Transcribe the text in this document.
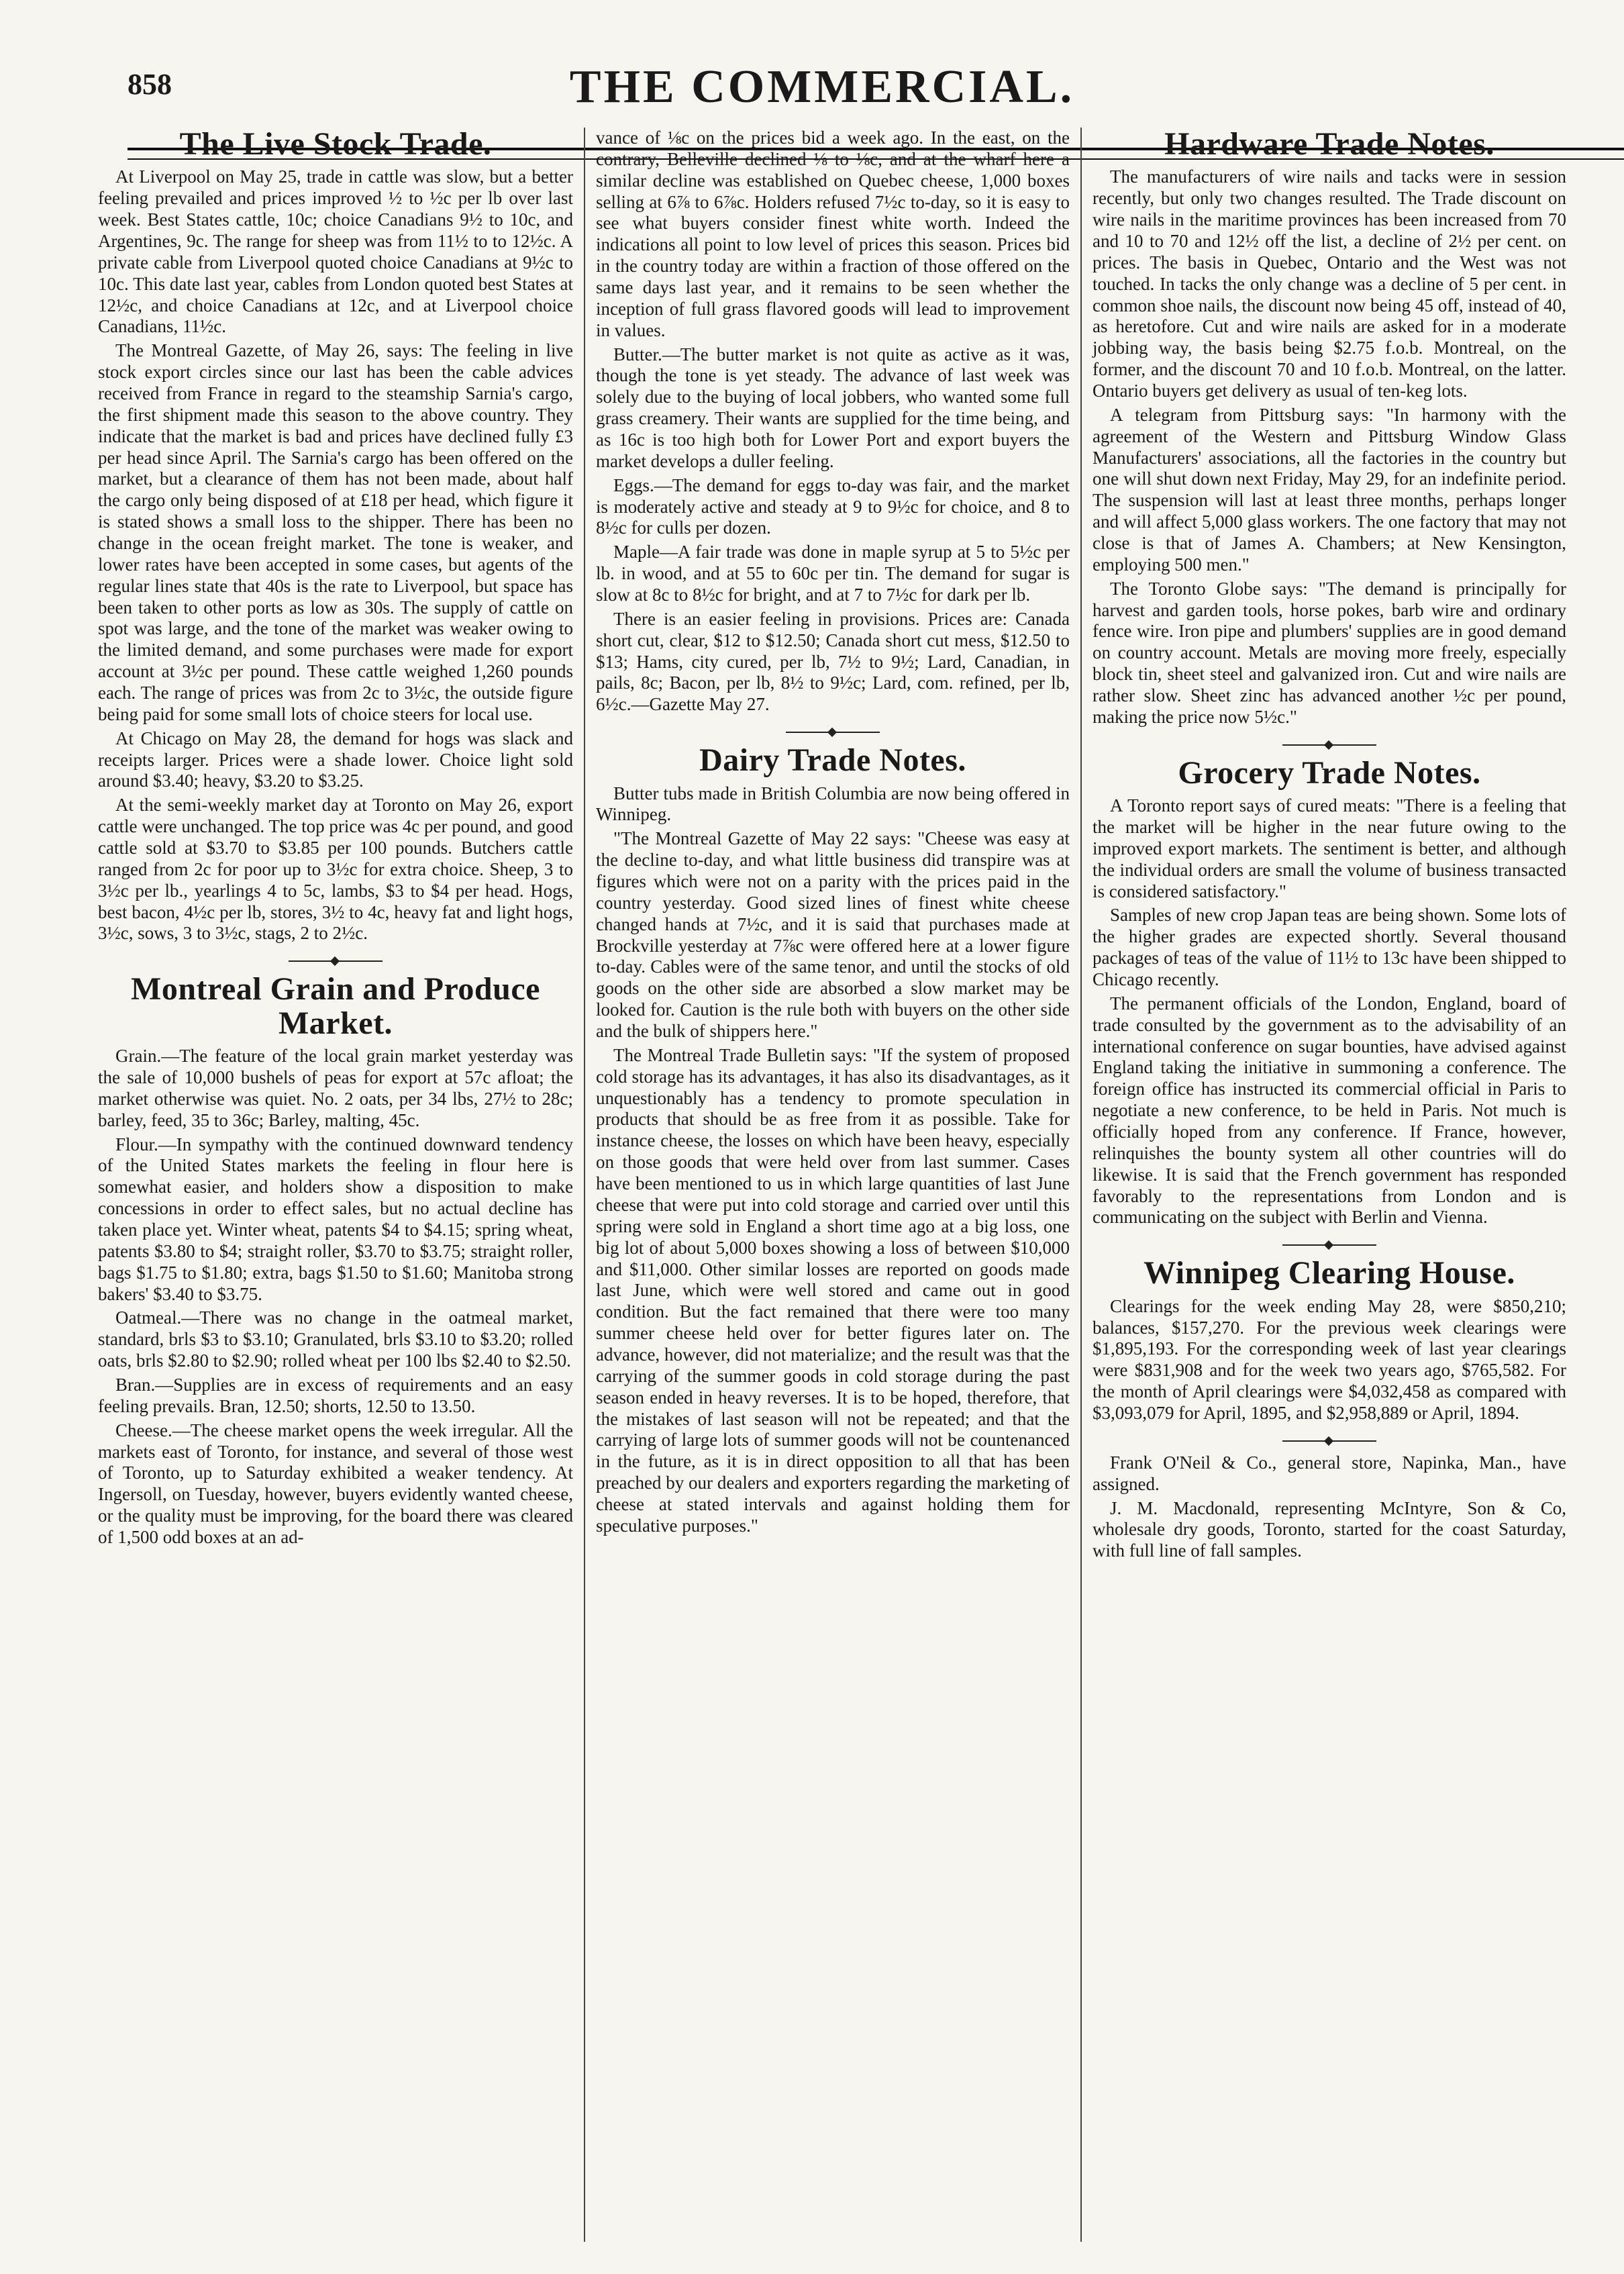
858	THE COMMERCIAL.
The Live Stock Trade.

At Liverpool on May 25, trade in cattle was slow, but a better feeling prevailed and prices improved ½ to ½c per lb over last week. Best States cattle, 10c; choice Canadians 9½ to 10c, and Argentines, 9c. The range for sheep was from 11½ to to 12½c. A private cable from Liverpool quoted choice Canadians at 9½c to 10c. This date last year, cables from London quoted best States at 12½c, and choice Canadians at 12c, and at Liverpool choice Canadians, 11½c.

The Montreal Gazette, of May 26, says: The feeling in live stock export circles since our last has been the cable advices received from France in regard to the steamship Sarnia's cargo, the first shipment made this season to the above country. They indicate that the market is bad and prices have declined fully £3 per head since April. The Sarnia's cargo has been offered on the market, but a clearance of them has not been made, about half the cargo only being disposed of at £18 per head, which figure it is stated shows a small loss to the shipper. There has been no change in the ocean freight market. The tone is weaker, and lower rates have been accepted in some cases, but agents of the regular lines state that 40s is the rate to Liverpool, but space has been taken to other ports as low as 30s. The supply of cattle on spot was large, and the tone of the market was weaker owing to the limited demand, and some purchases were made for export account at 3½c per pound. These cattle weighed 1,260 pounds each. The range of prices was from 2c to 3½c, the outside figure being paid for some small lots of choice steers for local use.

At Chicago on May 28, the demand for hogs was slack and receipts larger. Prices were a shade lower. Choice light sold around $3.40; heavy, $3.20 to $3.25.

At the semi-weekly market day at Toronto on May 26, export cattle were unchanged. The top price was 4c per pound, and good cattle sold at $3.70 to $3.85 per 100 pounds. Butchers cattle ranged from 2c for poor up to 3½c for extra choice. Sheep, 3 to 3½c per lb., yearlings 4 to 5c, lambs, $3 to $4 per head. Hogs, best bacon, 4½c per lb, stores, 3½ to 4c, heavy fat and light hogs, 3½c, sows, 3 to 3½c, stags, 2 to 2½c.

Montreal Grain and Produce Market.

Grain.—The feature of the local grain market yesterday was the sale of 10,000 bushels of peas for export at 57c afloat; the market otherwise was quiet. No. 2 oats, per 34 lbs, 27½ to 28c; barley, feed, 35 to 36c; Barley, malting, 45c.

Flour.—In sympathy with the continued downward tendency of the United States markets the feeling in flour here is somewhat easier, and holders show a disposition to make concessions in order to effect sales, but no actual decline has taken place yet. Winter wheat, patents $4 to $4.15; spring wheat, patents $3.80 to $4; straight roller, $3.70 to $3.75; straight roller, bags $1.75 to $1.80; extra, bags $1.50 to $1.60; Manitoba strong bakers' $3.40 to $3.75.

Oatmeal.—There was no change in the oatmeal market, standard, brls $3 to $3.10; Granulated, brls $3.10 to $3.20; rolled oats, brls $2.80 to $2.90; rolled wheat per 100 lbs $2.40 to $2.50.

Bran.—Supplies are in excess of requirements and an easy feeling prevails. Bran, 12.50; shorts, 12.50 to 13.50.

Cheese.—The cheese market opens the week irregular. All the markets east of Toronto, for instance, and several of those west of Toronto, up to Saturday exhibited a weaker tendency. At Ingersoll, on Tuesday, however, buyers evidently wanted cheese, or the quality must be improving, for the board there was cleared of 1,500 odd boxes at an ad-

vance of ⅛c on the prices bid a week ago. In the east, on the contrary, Belleville declined ⅛ to ⅛c, and at the wharf here a similar decline was established on Quebec cheese, 1,000 boxes selling at 6⅞ to 6⅞c. Holders refused 7½c to-day, so it is easy to see what buyers consider finest white worth. Indeed the indications all point to low level of prices this season. Prices bid in the country today are within a fraction of those offered on the same days last year, and it remains to be seen whether the inception of full grass flavored goods will lead to improvement in values.

Butter.—The butter market is not quite as active as it was, though the tone is yet steady. The advance of last week was solely due to the buying of local jobbers, who wanted some full grass creamery. Their wants are supplied for the time being, and as 16c is too high both for Lower Port and export buyers the market develops a duller feeling.

Eggs.—The demand for eggs to-day was fair, and the market is moderately active and steady at 9 to 9½c for choice, and 8 to 8½c for culls per dozen.

Maple—A fair trade was done in maple syrup at 5 to 5½c per lb. in wood, and at 55 to 60c per tin. The demand for sugar is slow at 8c to 8½c for bright, and at 7 to 7½c for dark per lb.

There is an easier feeling in provisions. Prices are: Canada short cut, clear, $12 to $12.50; Canada short cut mess, $12.50 to $13; Hams, city cured, per lb, 7½ to 9½; Lard, Canadian, in pails, 8c; Bacon, per lb, 8½ to 9½c; Lard, com. refined, per lb, 6½c.—Gazette May 27.

Dairy Trade Notes.

Butter tubs made in British Columbia are now being offered in Winnipeg.

"The Montreal Gazette of May 22 says: "Cheese was easy at the decline to-day, and what little business did transpire was at figures which were not on a parity with the prices paid in the country yesterday. Good sized lines of finest white cheese changed hands at 7½c, and it is said that purchases made at Brockville yesterday at 7⅞c were offered here at a lower figure to-day. Cables were of the same tenor, and until the stocks of old goods on the other side are absorbed a slow market may be looked for. Caution is the rule both with buyers on the other side and the bulk of shippers here."

The Montreal Trade Bulletin says: "If the system of proposed cold storage has its advantages, it has also its disadvantages, as it unquestionably has a tendency to promote speculation in products that should be as free from it as possible. Take for instance cheese, the losses on which have been heavy, especially on those goods that were held over from last summer. Cases have been mentioned to us in which large quantities of last June cheese that were put into cold storage and carried over until this spring were sold in England a short time ago at a big loss, one big lot of about 5,000 boxes showing a loss of between $10,000 and $11,000. Other similar losses are reported on goods made last June, which were well stored and came out in good condition. But the fact remained that there were too many summer cheese held over for better figures later on. The advance, however, did not materialize; and the result was that the carrying of the summer goods in cold storage during the past season ended in heavy reverses. It is to be hoped, therefore, that the mistakes of last season will not be repeated; and that the carrying of large lots of summer goods will not be countenanced in the future, as it is in direct opposition to all that has been preached by our dealers and exporters regarding the marketing of cheese at stated intervals and against holding them for speculative purposes."

Hardware Trade Notes.

The manufacturers of wire nails and tacks were in session recently, but only two changes resulted. The Trade discount on wire nails in the maritime provinces has been increased from 70 and 10 to 70 and 12½ off the list, a decline of 2½ per cent. on prices. The basis in Quebec, Ontario and the West was not touched. In tacks the only change was a decline of 5 per cent. in common shoe nails, the discount now being 45 off, instead of 40, as heretofore. Cut and wire nails are asked for in a moderate jobbing way, the basis being $2.75 f.o.b. Montreal, on the former, and the discount 70 and 10 f.o.b. Montreal, on the latter. Ontario buyers get delivery as usual of ten-keg lots.

A telegram from Pittsburg says: "In harmony with the agreement of the Western and Pittsburg Window Glass Manufacturers' associations, all the factories in the country but one will shut down next Friday, May 29, for an indefinite period. The suspension will last at least three months, perhaps longer and will affect 5,000 glass workers. The one factory that may not close is that of James A. Chambers; at New Kensington, employing 500 men."

The Toronto Globe says: "The demand is principally for harvest and garden tools, horse pokes, barb wire and ordinary fence wire. Iron pipe and plumbers' supplies are in good demand on country account. Metals are moving more freely, especially block tin, sheet steel and galvanized iron. Cut and wire nails are rather slow. Sheet zinc has advanced another ½c per pound, making the price now 5½c."

Grocery Trade Notes.

A Toronto report says of cured meats: "There is a feeling that the market will be higher in the near future owing to the improved export markets. The sentiment is better, and although the individual orders are small the volume of business transacted is considered satisfactory."

Samples of new crop Japan teas are being shown. Some lots of the higher grades are expected shortly. Several thousand packages of teas of the value of 11½ to 13c have been shipped to Chicago recently.

The permanent officials of the London, England, board of trade consulted by the government as to the advisability of an international conference on sugar bounties, have advised against England taking the initiative in summoning a conference. The foreign office has instructed its commercial official in Paris to negotiate a new conference, to be held in Paris. Not much is officially hoped from any conference. If France, however, relinquishes the bounty system all other countries will do likewise. It is said that the French government has responded favorably to the representations from London and is communicating on the subject with Berlin and Vienna.

Winnipeg Clearing House.

Clearings for the week ending May 28, were $850,210; balances, $157,270. For the previous week clearings were $1,895,193. For the corresponding week of last year clearings were $831,908 and for the week two years ago, $765,582. For the month of April clearings were $4,032,458 as compared with $3,093,079 for April, 1895, and $2,958,889 or April, 1894.

Frank O'Neil & Co., general store, Napinka, Man., have assigned.

J. M. Macdonald, representing McIntyre, Son & Co, wholesale dry goods, Toronto, started for the coast Saturday, with full line of fall samples.
